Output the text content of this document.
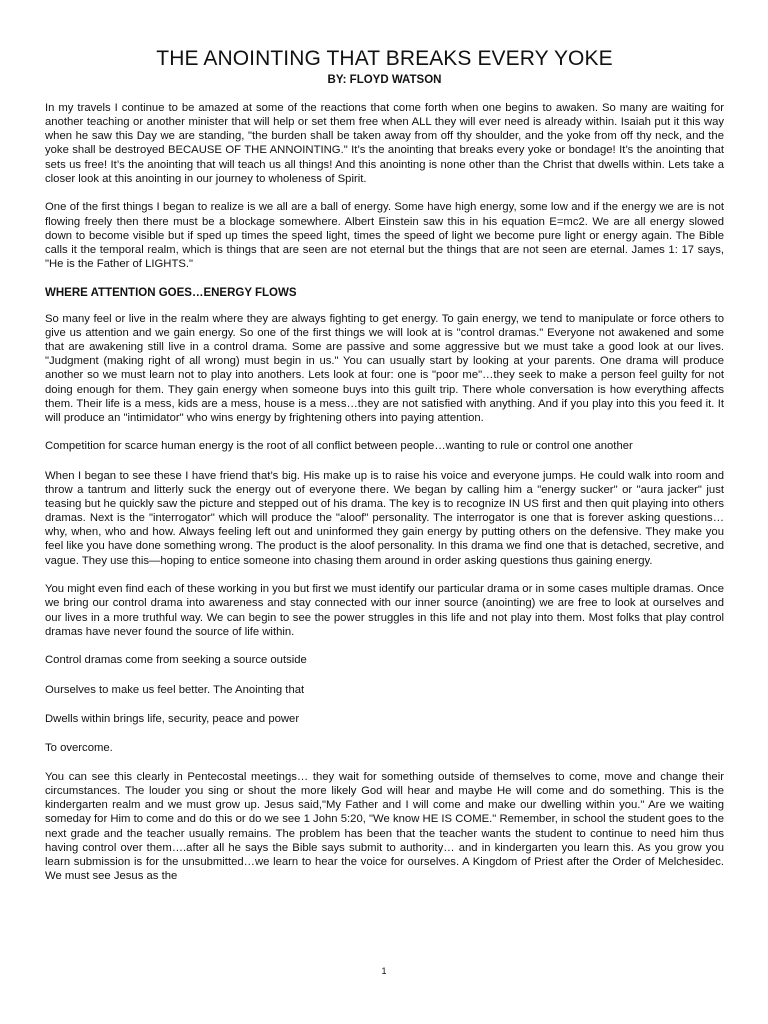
THE ANOINTING THAT BREAKS EVERY YOKE
BY: FLOYD WATSON

In my travels I continue to be amazed at some of the reactions that come forth when one begins to awaken. So many are waiting for another teaching or another minister that will help or set them free when ALL they will ever need is already within. Isaiah put it this way when he saw this Day we are standing, "the burden shall be taken away from off thy shoulder, and the yoke from off thy neck, and the yoke shall be destroyed BECAUSE OF THE ANNOINTING." It’s the anointing that breaks every yoke or bondage! It’s the anointing that sets us free! It’s the anointing that will teach us all things! And this anointing is none other than the Christ that dwells within. Lets take a closer look at this anointing in our journey to wholeness of Spirit.

One of the first things I began to realize is we all are a ball of energy. Some have high energy, some low and if the energy we are is not flowing freely then there must be a blockage somewhere. Albert Einstein saw this in his equation E=mc2. We are all energy slowed down to become visible but if sped up times the speed light, times the speed of light we become pure light or energy again. The Bible calls it the temporal realm, which is things that are seen are not eternal but the things that are not seen are eternal. James 1: 17 says, "He is the Father of LIGHTS."

WHERE ATTENTION GOES…ENERGY FLOWS

So many feel or live in the realm where they are always fighting to get energy. To gain energy, we tend to manipulate or force others to give us attention and we gain energy. So one of the first things we will look at is "control dramas." Everyone not awakened and some that are awakening still live in a control drama. Some are passive and some aggressive but we must take a good look at our lives. "Judgment (making right of all wrong) must begin in us." You can usually start by looking at your parents. One drama will produce another so we must learn not to play into anothers. Lets look at four: one is "poor me"…they seek to make a person feel guilty for not doing enough for them. They gain energy when someone buys into this guilt trip. There whole conversation is how everything affects them. Their life is a mess, kids are a mess, house is a mess…they are not satisfied with anything. And if you play into this you feed it. It will produce an "intimidator" who wins energy by frightening others into paying attention.

Competition for scarce human energy is the root of all conflict between people…wanting to rule or control one another

When I began to see these I have friend that’s big. His make up is to raise his voice and everyone jumps. He could walk into room and throw a tantrum and litterly suck the energy out of everyone there. We began by calling him a "energy sucker" or "aura jacker" just teasing but he quickly saw the picture and stepped out of his drama. The key is to recognize IN US first and then quit playing into others dramas. Next is the "interrogator" which will produce the "aloof" personality. The interrogator is one that is forever asking questions…why, when, who and how. Always feeling left out and uninformed they gain energy by putting others on the defensive. They make you feel like you have done something wrong. The product is the aloof personality. In this drama we find one that is detached, secretive, and vague. They use this—hoping to entice someone into chasing them around in order asking questions thus gaining energy.

You might even find each of these working in you but first we must identify our particular drama or in some cases multiple dramas. Once we bring our control drama into awareness and stay connected with our inner source (anointing) we are free to look at ourselves and our lives in a more truthful way. We can begin to see the power struggles in this life and not play into them. Most folks that play control dramas have never found the source of life within.

Control dramas come from seeking a source outside

Ourselves to make us feel better. The Anointing that

Dwells within brings life, security, peace and power

To overcome.

You can see this clearly in Pentecostal meetings… they wait for something outside of themselves to come, move and change their circumstances. The louder you sing or shout the more likely God will hear and maybe He will come and do something. This is the kindergarten realm and we must grow up. Jesus said,"My Father and I will come and make our dwelling within you." Are we waiting someday for Him to come and do this or do we see 1 John 5:20, "We know HE IS COME." Remember, in school the student goes to the next grade and the teacher usually remains. The problem has been that the teacher wants the student to continue to need him thus having control over them….after all he says the Bible says submit to authority… and in kindergarten you learn this. As you grow you learn submission is for the unsubmitted…we learn to hear the voice for ourselves. A Kingdom of Priest after the Order of Melchesidec. We must see Jesus as the

1
